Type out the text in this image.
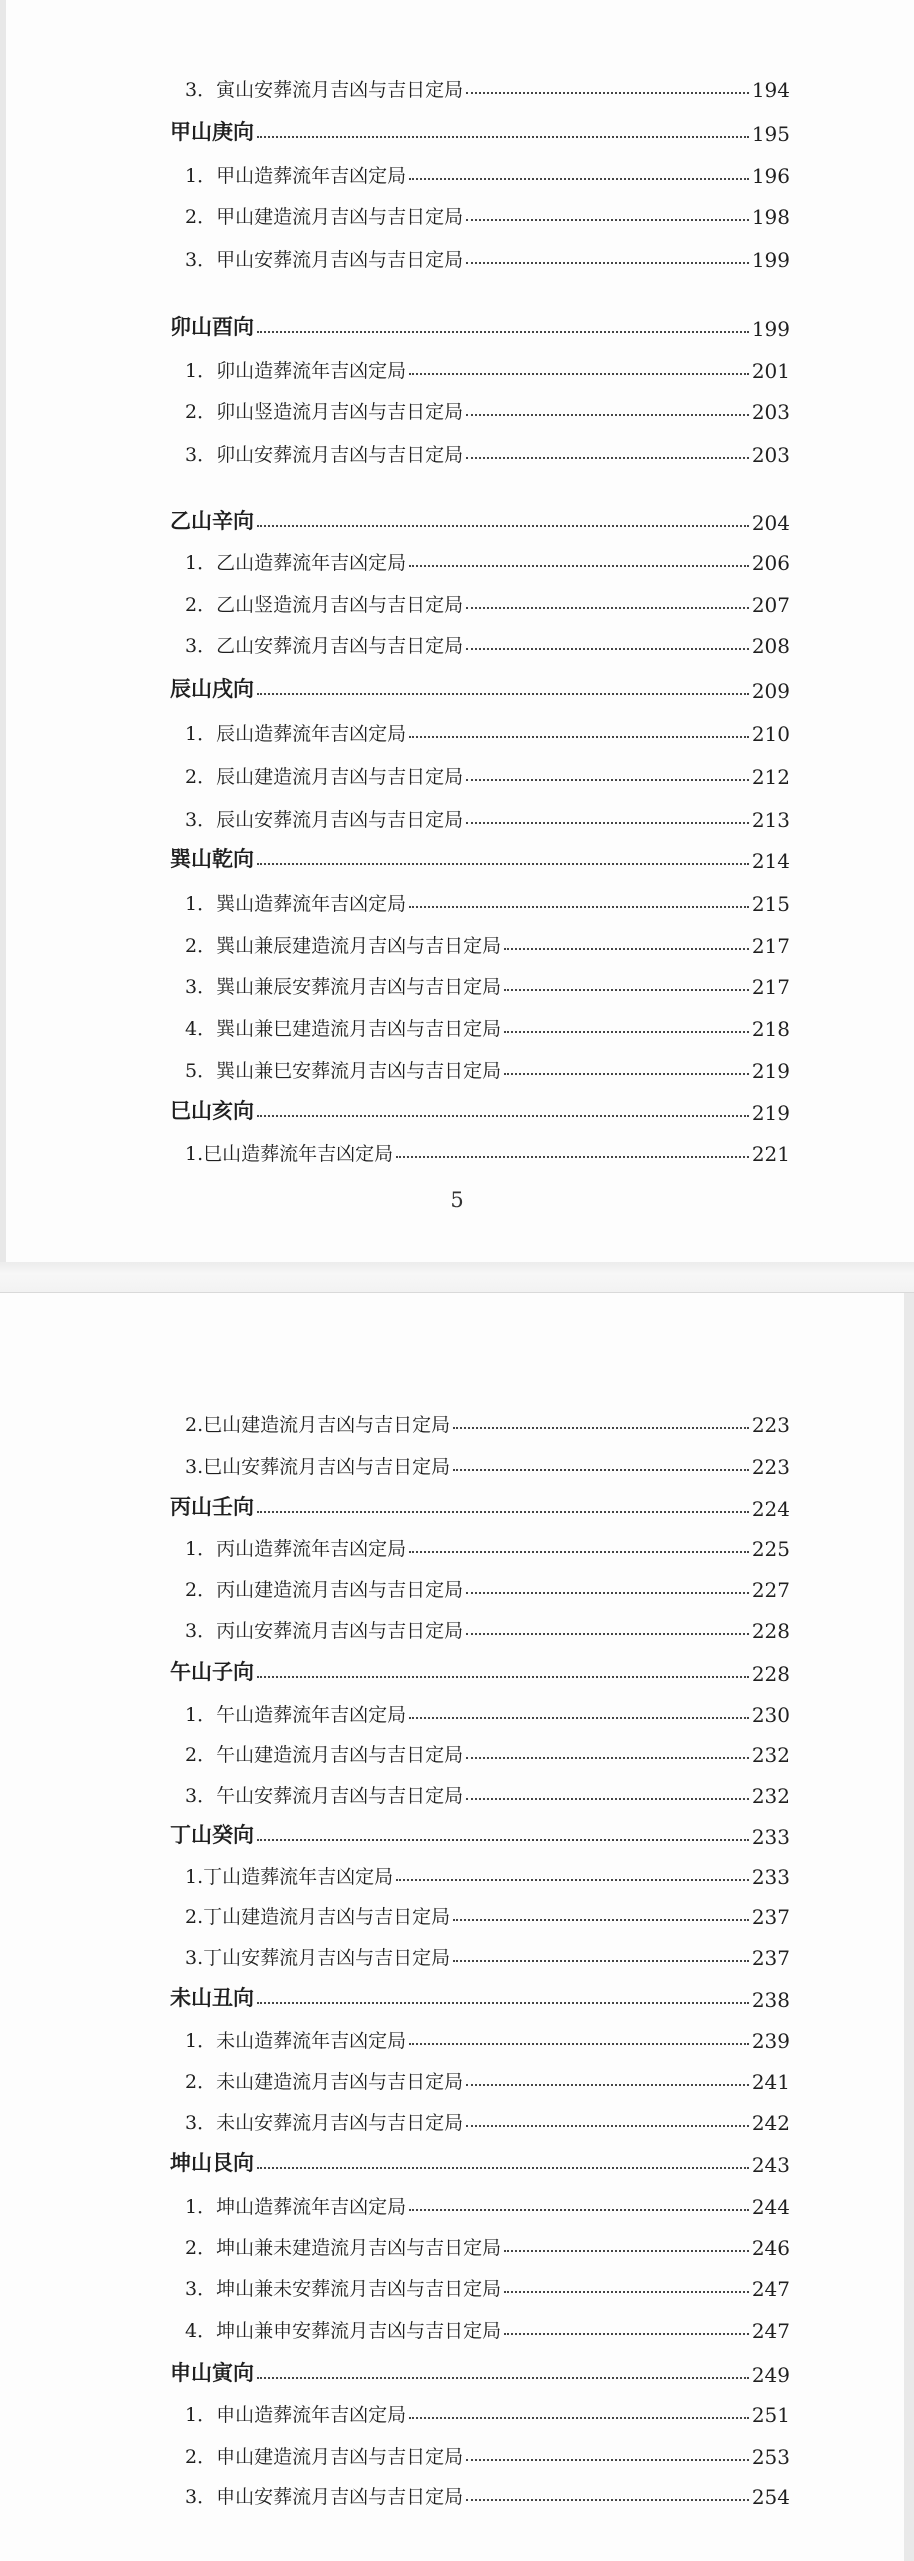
3．寅山安葬流月吉凶与吉日定局	194
甲山庚向	195
1．甲山造葬流年吉凶定局	196
2．甲山建造流月吉凶与吉日定局	198
3．甲山安葬流月吉凶与吉日定局	199
卯山酉向	199
1．卯山造葬流年吉凶定局	201
2．卯山竖造流月吉凶与吉日定局	203
3．卯山安葬流月吉凶与吉日定局	203
乙山辛向	204
1．乙山造葬流年吉凶定局	206
2．乙山竖造流月吉凶与吉日定局	207
3．乙山安葬流月吉凶与吉日定局	208
辰山戌向	209
1．辰山造葬流年吉凶定局	210
2．辰山建造流月吉凶与吉日定局	212
3．辰山安葬流月吉凶与吉日定局	213
巽山乾向	214
1．巽山造葬流年吉凶定局	215
2．巽山兼辰建造流月吉凶与吉日定局	217
3．巽山兼辰安葬流月吉凶与吉日定局	217
4．巽山兼巳建造流月吉凶与吉日定局	218
5．巽山兼巳安葬流月吉凶与吉日定局	219
巳山亥向	219
1.巳山造葬流年吉凶定局	221
5
2.巳山建造流月吉凶与吉日定局	223
3.巳山安葬流月吉凶与吉日定局	223
丙山壬向	224
1．丙山造葬流年吉凶定局	225
2．丙山建造流月吉凶与吉日定局	227
3．丙山安葬流月吉凶与吉日定局	228
午山子向	228
1．午山造葬流年吉凶定局	230
2．午山建造流月吉凶与吉日定局	232
3．午山安葬流月吉凶与吉日定局	232
丁山癸向	233
1.丁山造葬流年吉凶定局	233
2.丁山建造流月吉凶与吉日定局	237
3.丁山安葬流月吉凶与吉日定局	237
未山丑向	238
1．未山造葬流年吉凶定局	239
2．未山建造流月吉凶与吉日定局	241
3．未山安葬流月吉凶与吉日定局	242
坤山艮向	243
1．坤山造葬流年吉凶定局	244
2．坤山兼未建造流月吉凶与吉日定局	246
3．坤山兼未安葬流月吉凶与吉日定局	247
4．坤山兼申安葬流月吉凶与吉日定局	247
申山寅向	249
1．申山造葬流年吉凶定局	251
2．申山建造流月吉凶与吉日定局	253
3．申山安葬流月吉凶与吉日定局	254
